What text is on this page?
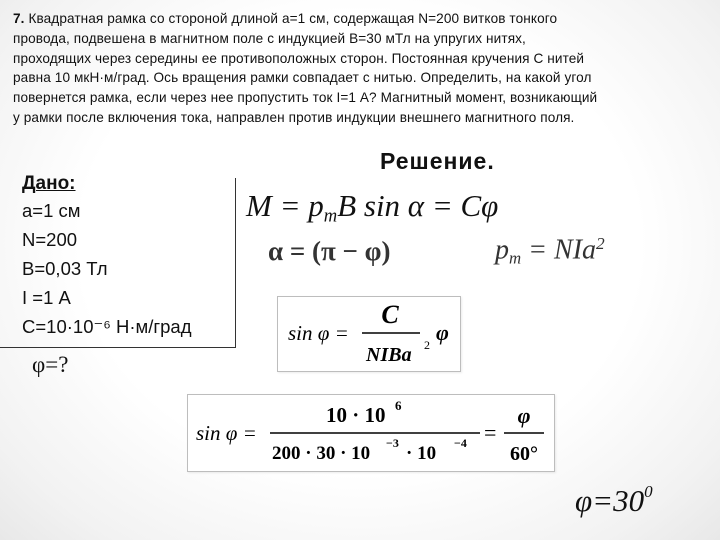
7. Квадратная рамка со стороной длиной a=1 см, содержащая N=200 витков тонкого
провода, подвешена в магнитном поле с индукцией B=30 мТл на упругих нитях,
проходящих через середины ее противоположных сторон. Постоянная кручения C нитей
равна 10 мкН·м/град. Ось вращения рамки совпадает с нитью. Определить, на какой угол
повернется рамка, если через нее пропустить ток I=1 А? Магнитный момент, возникающий
у рамки после включения тока, направлен против индукции внешнего магнитного поля.
Дано:
a=1 см
N=200
B=0,03 Тл
I =1 А
C=10·10⁻⁶ Н·м/град
φ=?
Решение.
$M = p_mB$ sin α = Cφ
α = (π − φ)	$p_m = NIa^2$
sin φ =
C
NIBa 2 φ
sin φ =
10 · 10 6
200 · 30 · 10 −3 · 10 −4 =
φ
60°
$\varphi=30^0$
